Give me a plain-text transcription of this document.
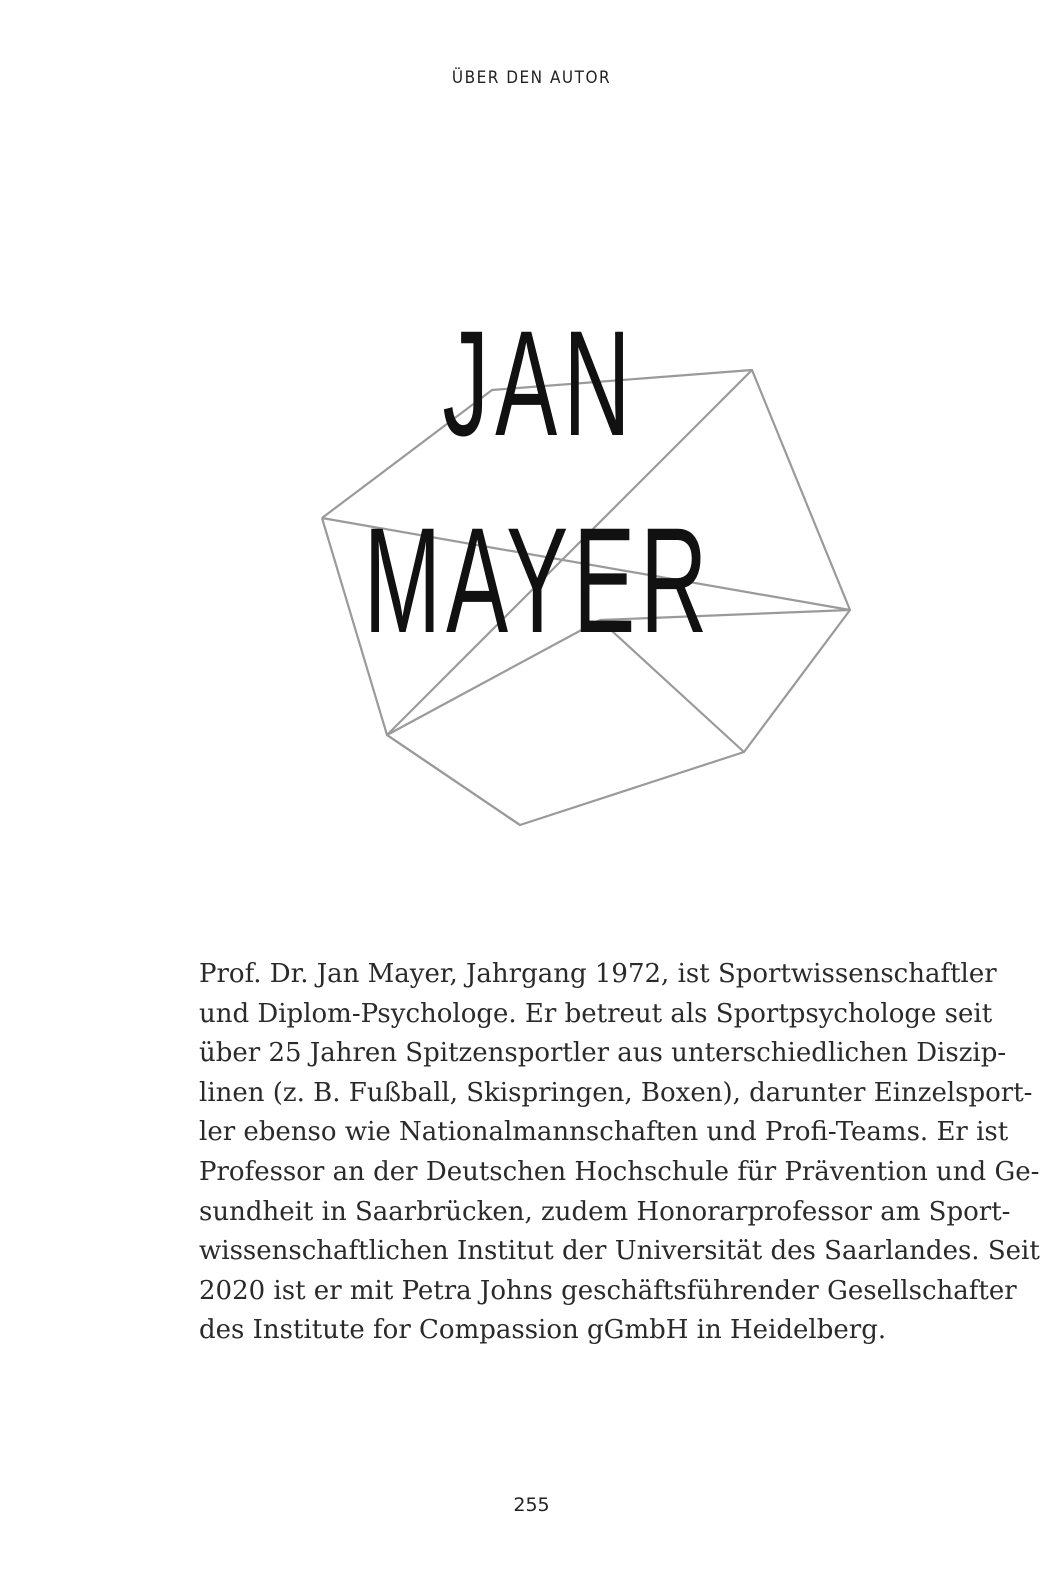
ÜBER DEN AUTOR
JAN
MAYER
Prof. Dr. Jan Mayer, Jahrgang 1972, ist Sportwissenschaftler
und Diplom-Psychologe. Er betreut als Sportpsychologe seit
über 25 Jahren Spitzensportler aus unterschiedlichen Diszip-
linen (z. B. Fußball, Skispringen, Boxen), darunter Einzelsport-
ler ebenso wie Nationalmannschaften und Profi-Teams. Er ist
Professor an der Deutschen Hochschule für Prävention und Ge-
sundheit in Saarbrücken, zudem Honorarprofessor am Sport-
wissenschaftlichen Institut der Universität des Saarlandes. Seit
2020 ist er mit Petra Johns geschäftsführender Gesellschafter
des Institute for Compassion gGmbH in Heidelberg.
255
